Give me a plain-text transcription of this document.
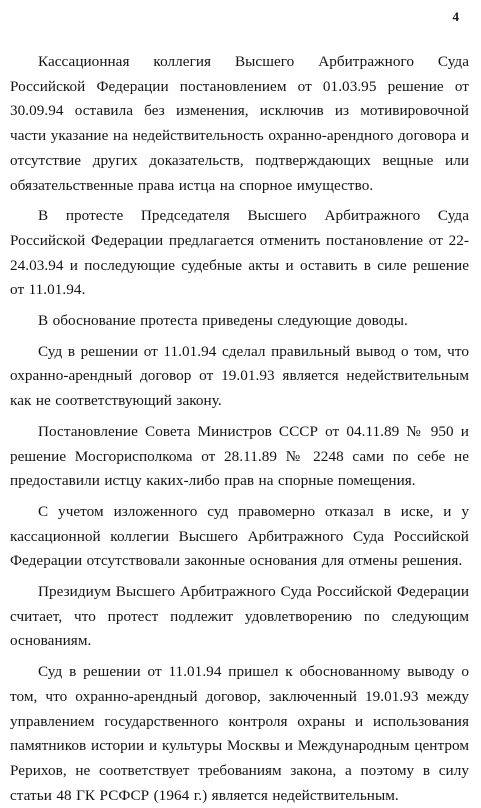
4

Кассационная коллегия Высшего Арбитражного Суда Российской Федерации постановлением от 01.03.95 решение от 30.09.94 оставила без изменения, исключив из мотивировочной части указание на недействительность охранно-арендного договора и отсутствие других доказательств, подтверждающих вещные или обязательственные права истца на спорное имущество.

В протесте Председателя Высшего Арбитражного Суда Российской Федерации предлагается отменить постановление от 22-24.03.94 и последующие судебные акты и оставить в силе решение от 11.01.94.

В обоснование протеста приведены следующие доводы.

Суд в решении от 11.01.94 сделал правильный вывод о том, что охранно-арендный договор от 19.01.93 является недействительным как не соответствующий закону.

Постановление Совета Министров СССР от 04.11.89 № 950 и решение Мосгорисполкома от 28.11.89 № 2248 сами по себе не предоставили истцу каких-либо прав на спорные помещения.

С учетом изложенного суд правомерно отказал в иске, и у кассационной коллегии Высшего Арбитражного Суда Российской Федерации отсутствовали законные основания для отмены решения.

Президиум Высшего Арбитражного Суда Российской Федерации считает, что протест подлежит удовлетворению по следующим основаниям.

Суд в решении от 11.01.94 пришел к обоснованному выводу о том, что охранно-арендный договор, заключенный 19.01.93 между управлением государственного контроля охраны и использования памятников истории и культуры Москвы и Международным центром Рерихов, не соответствует требованиям закона, а поэтому в силу статьи 48 ГК РСФСР (1964 г.) является недействительным.
